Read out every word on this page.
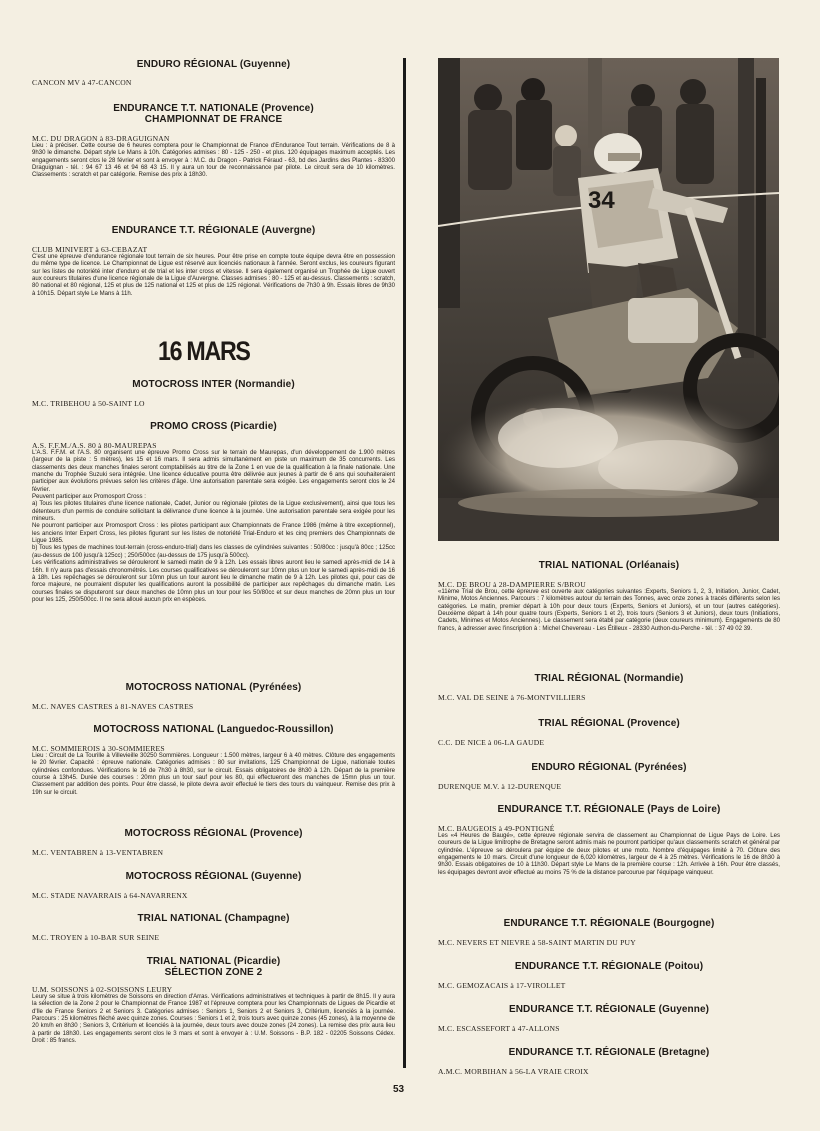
ENDURO RÉGIONAL (Guyenne)
CANCON MV à 47-CANCON
ENDURANCE T.T. NATIONALE (Provence)
CHAMPIONNAT DE FRANCE
M.C. DU DRAGON à 83-DRAGUIGNAN

Lieu : à préciser. Cette course de 6 heures comptera pour le Championnat de France d'Endurance Tout terrain. Vérifications de 8 à 9h30 le dimanche. Départ style Le Mans à 10h. Catégories admises : 80 - 125 - 250 - et plus. 120 équipages maximum acceptés. Les engagements seront clos le 28 février et sont à envoyer à : M.C. du Dragon - Patrick Féraud - 63, bd des Jardins des Plantes - 83300 Draguignan - tél. : 94 67 13 46 et 94 68 43 15. Il y aura un tour de reconnaissance par pilote. Le circuit sera de 10 kilomètres. Classements : scratch et par catégorie. Remise des prix à 18h30.

ENDURANCE T.T. RÉGIONALE (Auvergne)
CLUB MINIVERT à 63-CEBAZAT

C'est une épreuve d'endurance régionale tout terrain de six heures. Pour être prise en compte toute équipe devra être en possession du même type de licence. Le Championnat de Ligue est réservé aux licenciés nationaux à l'année. Seront exclus, les coureurs figurant sur les listes de notoriété inter d'enduro et de trial et les inter cross et vitesse. Il sera également organisé un Trophée de Ligue ouvert aux coureurs titulaires d'une licence régionale de la Ligue d'Auvergne. Classes admises : 80 - 125 et au-dessus. Classements : scratch, 80 national et 80 régional, 125 et plus de 125 national et 125 et plus de 125 régional. Vérifications de 7h30 à 9h. Essais libres de 9h30 à 10h15. Départ style Le Mans à 11h.

16 MARS
MOTOCROSS INTER (Normandie)
M.C. TRIBEHOU à 50-SAINT LO
PROMO CROSS (Picardie)
A.S. F.F.M./A.S. 80 à 80-MAUREPAS

L'A.S. F.F.M. et l'A.S. 80 organisent une épreuve Promo Cross sur le terrain de Maurepas, d'un développement de 1.900 mètres (largeur de la piste : 5 mètres), les 15 et 16 mars. Il sera admis simultanément en piste un maximum de 35 concurrents. Les classements des deux manches finales seront comptabilisés au titre de la Zone 1 en vue de la qualification à la finale nationale. Une manche du Trophée Suzuki sera intégrée. Une licence éducative pourra être délivrée aux jeunes à partir de 6 ans qui souhaiteraient participer aux évolutions prévues selon les critères d'âge. Une autorisation parentale sera exigée. Les engagements seront clos le 24 février.
Peuvent participer aux Promosport Cross :
a) Tous les pilotes titulaires d'une licence nationale, Cadet, Junior ou régionale (pilotes de la Ligue exclusivement), ainsi que tous les détenteurs d'un permis de conduire sollicitant la délivrance d'une licence à la journée. Une autorisation parentale sera exigée pour les mineurs.
Ne pourront participer aux Promosport Cross : les pilotes participant aux Championnats de France 1986 (même à titre exceptionnel), les anciens Inter Expert Cross, les pilotes figurant sur les listes de notoriété Trial-Enduro et les cinq premiers des Championnats de Ligue 1985.
b) Tous les types de machines tout-terrain (cross-enduro-trial) dans les classes de cylindrées suivantes : 50/80cc : jusqu'à 80cc ; 125cc (au-dessus de 100 jusqu'à 125cc) ; 250/500cc (au-dessus de 175 jusqu'à 500cc).
Les vérifications administratives se dérouleront le samedi matin de 9 à 12h. Les essais libres auront lieu le samedi après-midi de 14 à 16h. Il n'y aura pas d'essais chronométrés. Les courses qualificatives se dérouleront sur 10mn plus un tour le samedi après-midi de 16 à 18h. Les repêchages se dérouleront sur 10mn plus un tour auront lieu le dimanche matin de 9 à 12h. Les pilotes qui, pour cas de force majeure, ne pourraient disputer les qualifications auront la possibilité de participer aux repêchages du dimanche matin. Les courses finales se disputeront sur deux manches de 10mn plus un tour pour les 50/80cc et sur deux manches de 20mn plus un tour pour les 125, 250/500cc. Il ne sera alloué aucun prix en espèces.

MOTOCROSS NATIONAL (Pyrénées)
M.C. NAVES CASTRES à 81-NAVES CASTRES
MOTOCROSS NATIONAL (Languedoc-Roussillon)
M.C. SOMMIEROIS à 30-SOMMIERES

Lieu : Circuit de La Tourille à Villevieille 30250 Sommières. Longueur : 1.500 mètres, largeur 6 à 40 mètres. Clôture des engagements le 20 février. Capacité : épreuve nationale. Catégories admises : 80 sur invitations, 125 Championnat de Ligue, nationale toutes cylindrées confondues. Vérifications le 16 de 7h30 à 8h30, sur le circuit. Essais obligatoires de 8h30 à 12h. Départ de la première course à 13h45. Durée des courses : 20mn plus un tour sauf pour les 80, qui effectueront des manches de 15mn plus un tour. Classement par addition des points. Pour être classé, le pilote devra avoir effectué le tiers des tours du vainqueur. Remise des prix à 19h sur le circuit.

MOTOCROSS RÉGIONAL (Provence)
M.C. VENTABREN à 13-VENTABREN
MOTOCROSS RÉGIONAL (Guyenne)
M.C. STADE NAVARRAIS à 64-NAVARRENX
TRIAL NATIONAL (Champagne)
M.C. TROYEN à 10-BAR SUR SEINE
TRIAL NATIONAL (Picardie)
SÉLECTION ZONE 2
U.M. SOISSONS à 02-SOISSONS LEURY

Leury se situe à trois kilomètres de Soissons en direction d'Arras. Vérifications administratives et techniques à partir de 8h15. Il y aura la sélection de la Zone 2 pour le Championnat de France 1987 et l'épreuve comptera pour les Championnats de Ligues de Picardie et d'Ile de France Seniors 2 et Seniors 3. Catégories admises : Seniors 1, Seniors 2 et Seniors 3, Critérium, licenciés à la journée. Parcours : 25 kilomètres fléché avec quinze zones. Courses : Seniors 1 et 2, trois tours avec quinze zones (45 zones), à la moyenne de 20 km/h en 8h30 ; Seniors 3, Critérium et licenciés à la journée, deux tours avec douze zones (24 zones). La remise des prix aura lieu à partir de 18h30. Les engagements seront clos le 3 mars et sont à envoyer à : U.M. Soissons - B.P. 182 - 02205 Soissons Cédex. Droit : 85 francs.

34
TRIAL NATIONAL (Orléanais)
M.C. DE BROU à 28-DAMPIERRE S/BROU

«11ème Trial de Brou, cette épreuve est ouverte aux catégories suivantes :Experts, Seniors 1, 2, 3, Initiation, Junior, Cadet, Minime, Motos Anciennes. Parcours : 7 kilomètres autour du terrain des Tonnes, avec onze zones à tracés différents selon les catégories. Le matin, premier départ à 10h pour deux tours (Experts, Seniors et Juniors), et un tour (autres catégories). Deuxième départ à 14h pour quatre tours (Experts, Seniors 1 et 2), trois tours (Seniors 3 et Juniors), deux tours (Initiations, Cadets, Minimes et Motos Anciennes). Le classement sera établi par catégorie (deux coureurs minimum). Engagements de 80 francs, à adresser avec l'inscription à : Michel Chevereau - Les Étilleux - 28330 Authon-du-Perche - tél. : 37 49 02 39.

TRIAL RÉGIONAL (Normandie)
M.C. VAL DE SEINE à 76-MONTVILLIERS
TRIAL RÉGIONAL (Provence)
C.C. DE NICE à 06-LA GAUDE
ENDURO RÉGIONAL (Pyrénées)
DURENQUE M.V. à 12-DURENQUE
ENDURANCE T.T. RÉGIONALE (Pays de Loire)
M.C. BAUGEOIS à 49-PONTIGNÉ

Les «4 Heures de Baugé», cette épreuve régionale servira de classement au Championnat de Ligue Pays de Loire. Les coureurs de la Ligue limitrophe de Bretagne seront admis mais ne pourront participer qu'aux classements scratch et général par cylindrée. L'épreuve se déroulera par équipe de deux pilotes et une moto. Nombre d'équipages limité à 70. Clôture des engagements le 10 mars. Circuit d'une longueur de 6,020 kilomètres, largeur de 4 à 25 mètres. Vérifications le 16 de 8h30 à 9h30. Essais obligatoires de 10 à 11h30. Départ style Le Mans de la première course : 12h. Arrivée à 16h. Pour être classés, les équipages devront avoir effectué au moins 75 % de la distance parcourue par l'équipage vainqueur.

ENDURANCE T.T. RÉGIONALE (Bourgogne)
M.C. NEVERS ET NIEVRE à 58-SAINT MARTIN DU PUY
ENDURANCE T.T. RÉGIONALE (Poitou)
M.C. GEMOZACAIS à 17-VIROLLET
ENDURANCE T.T. RÉGIONALE (Guyenne)
M.C. ESCASSEFORT à 47-ALLONS
ENDURANCE T.T. RÉGIONALE (Bretagne)
A.M.C. MORBIHAN à 56-LA VRAIE CROIX
53
